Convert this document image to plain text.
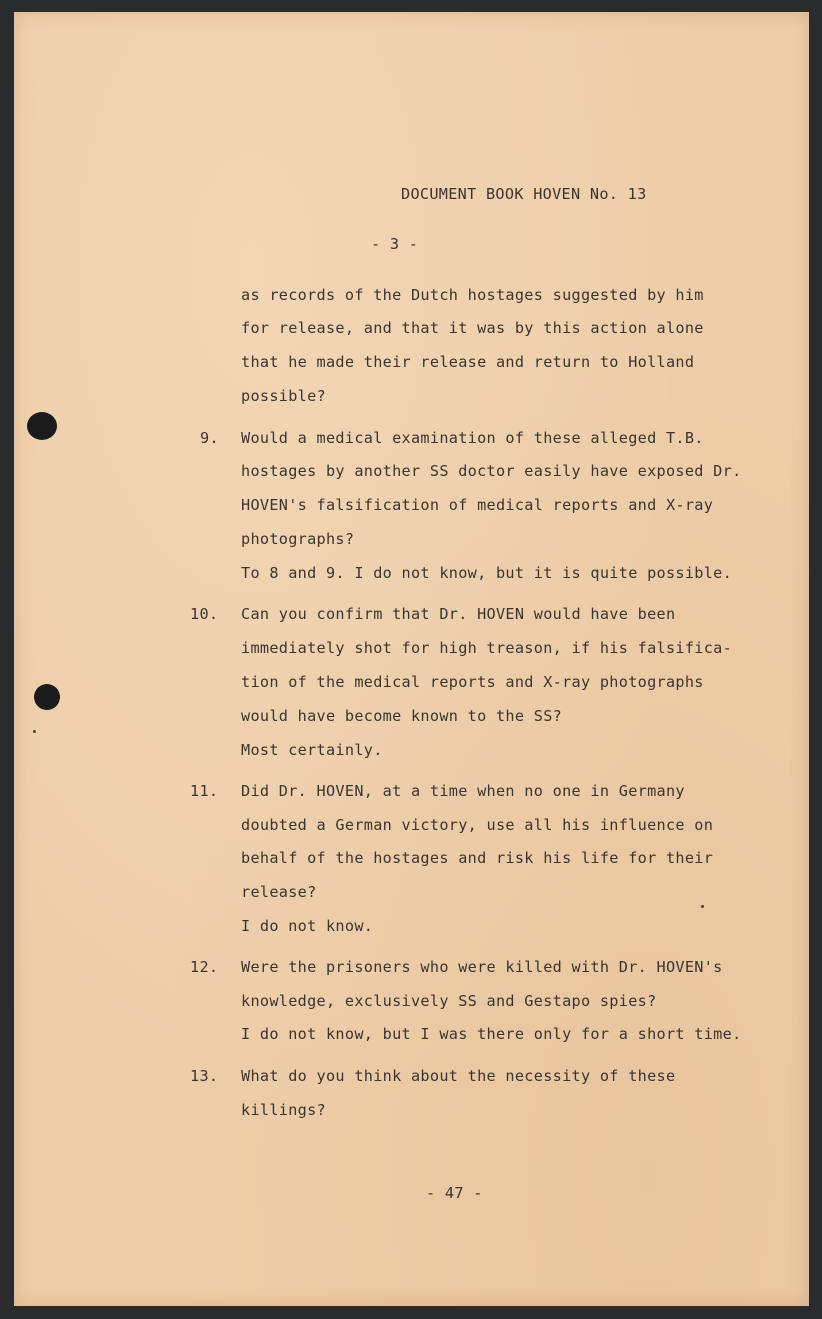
DOCUMENT BOOK HOVEN No. 13
- 3 -
as records of the Dutch hostages suggested by him
for release, and that it was by this action alone
that he made their release and return to Holland
possible?
9. Would a medical examination of these alleged T.B.
hostages by another SS doctor easily have exposed Dr.
HOVEN's falsification of medical reports and X-ray
photographs?
To 8 and 9. I do not know, but it is quite possible.
10. Can you confirm that Dr. HOVEN would have been
immediately shot for high treason, if his falsifica-
tion of the medical reports and X-ray photographs
would have become known to the SS?
Most certainly.
11. Did Dr. HOVEN, at a time when no one in Germany
doubted a German victory, use all his influence on
behalf of the hostages and risk his life for their
release?
I do not know.
12. Were the prisoners who were killed with Dr. HOVEN's
knowledge, exclusively SS and Gestapo spies?
I do not know, but I was there only for a short time.
13. What do you think about the necessity of these
killings?
- 47 -
